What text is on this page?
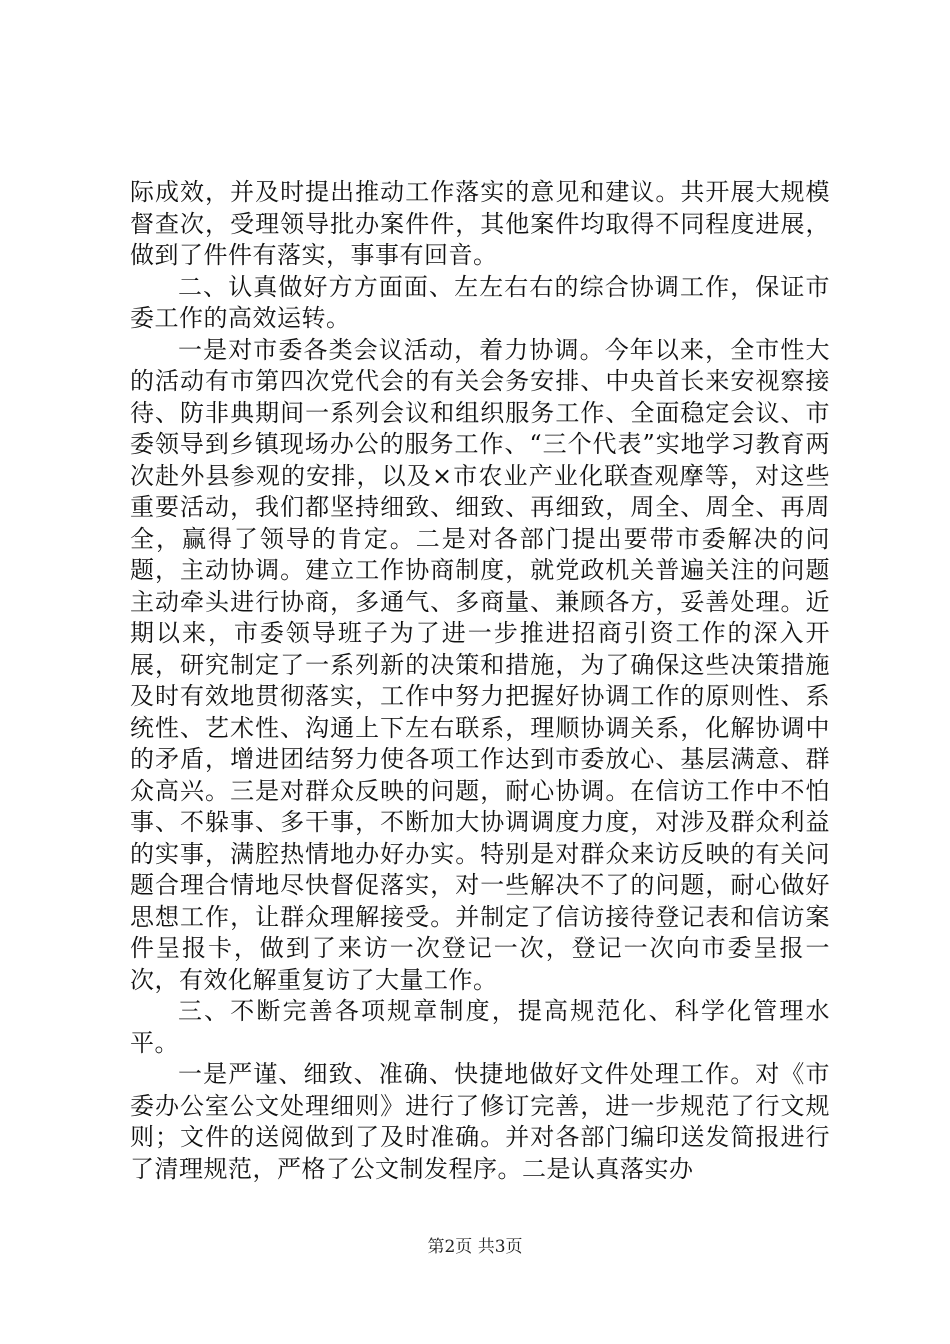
际成效，并及时提出推动工作落实的意见和建议。共开展大规模督查次，受理领导批办案件件，其他案件均取得不同程度进展，做到了件件有落实，事事有回音。

二、认真做好方方面面、左左右右的综合协调工作，保证市委工作的高效运转。

一是对市委各类会议活动，着力协调。今年以来，全市性大的活动有市第四次党代会的有关会务安排、中央首长来安视察接待、防非典期间一系列会议和组织服务工作、全面稳定会议、市委领导到乡镇现场办公的服务工作、“三个代表”实地学习教育两次赴外县参观的安排，以及×市农业产业化联查观摩等，对这些重要活动，我们都坚持细致、细致、再细致，周全、周全、再周全，赢得了领导的肯定。二是对各部门提出要带市委解决的问题，主动协调。建立工作协商制度，就党政机关普遍关注的问题主动牵头进行协商，多通气、多商量、兼顾各方，妥善处理。近期以来，市委领导班子为了进一步推进招商引资工作的深入开展，研究制定了一系列新的决策和措施，为了确保这些决策措施及时有效地贯彻落实，工作中努力把握好协调工作的原则性、系统性、艺术性、沟通上下左右联系，理顺协调关系，化解协调中的矛盾，增进团结努力使各项工作达到市委放心、基层满意、群众高兴。三是对群众反映的问题，耐心协调。在信访工作中不怕事、不躲事、多干事，不断加大协调调度力度，对涉及群众利益的实事，满腔热情地办好办实。特别是对群众来访反映的有关问题合理合情地尽快督促落实，对一些解决不了的问题，耐心做好思想工作，让群众理解接受。并制定了信访接待登记表和信访案件呈报卡，做到了来访一次登记一次，登记一次向市委呈报一次，有效化解重复访了大量工作。

三、不断完善各项规章制度，提高规范化、科学化管理水平。

一是严谨、细致、准确、快捷地做好文件处理工作。对《市委办公室公文处理细则》进行了修订完善，进一步规范了行文规则；文件的送阅做到了及时准确。并对各部门编印送发简报进行了清理规范，严格了公文制发程序。二是认真落实办

第2页 共3页
